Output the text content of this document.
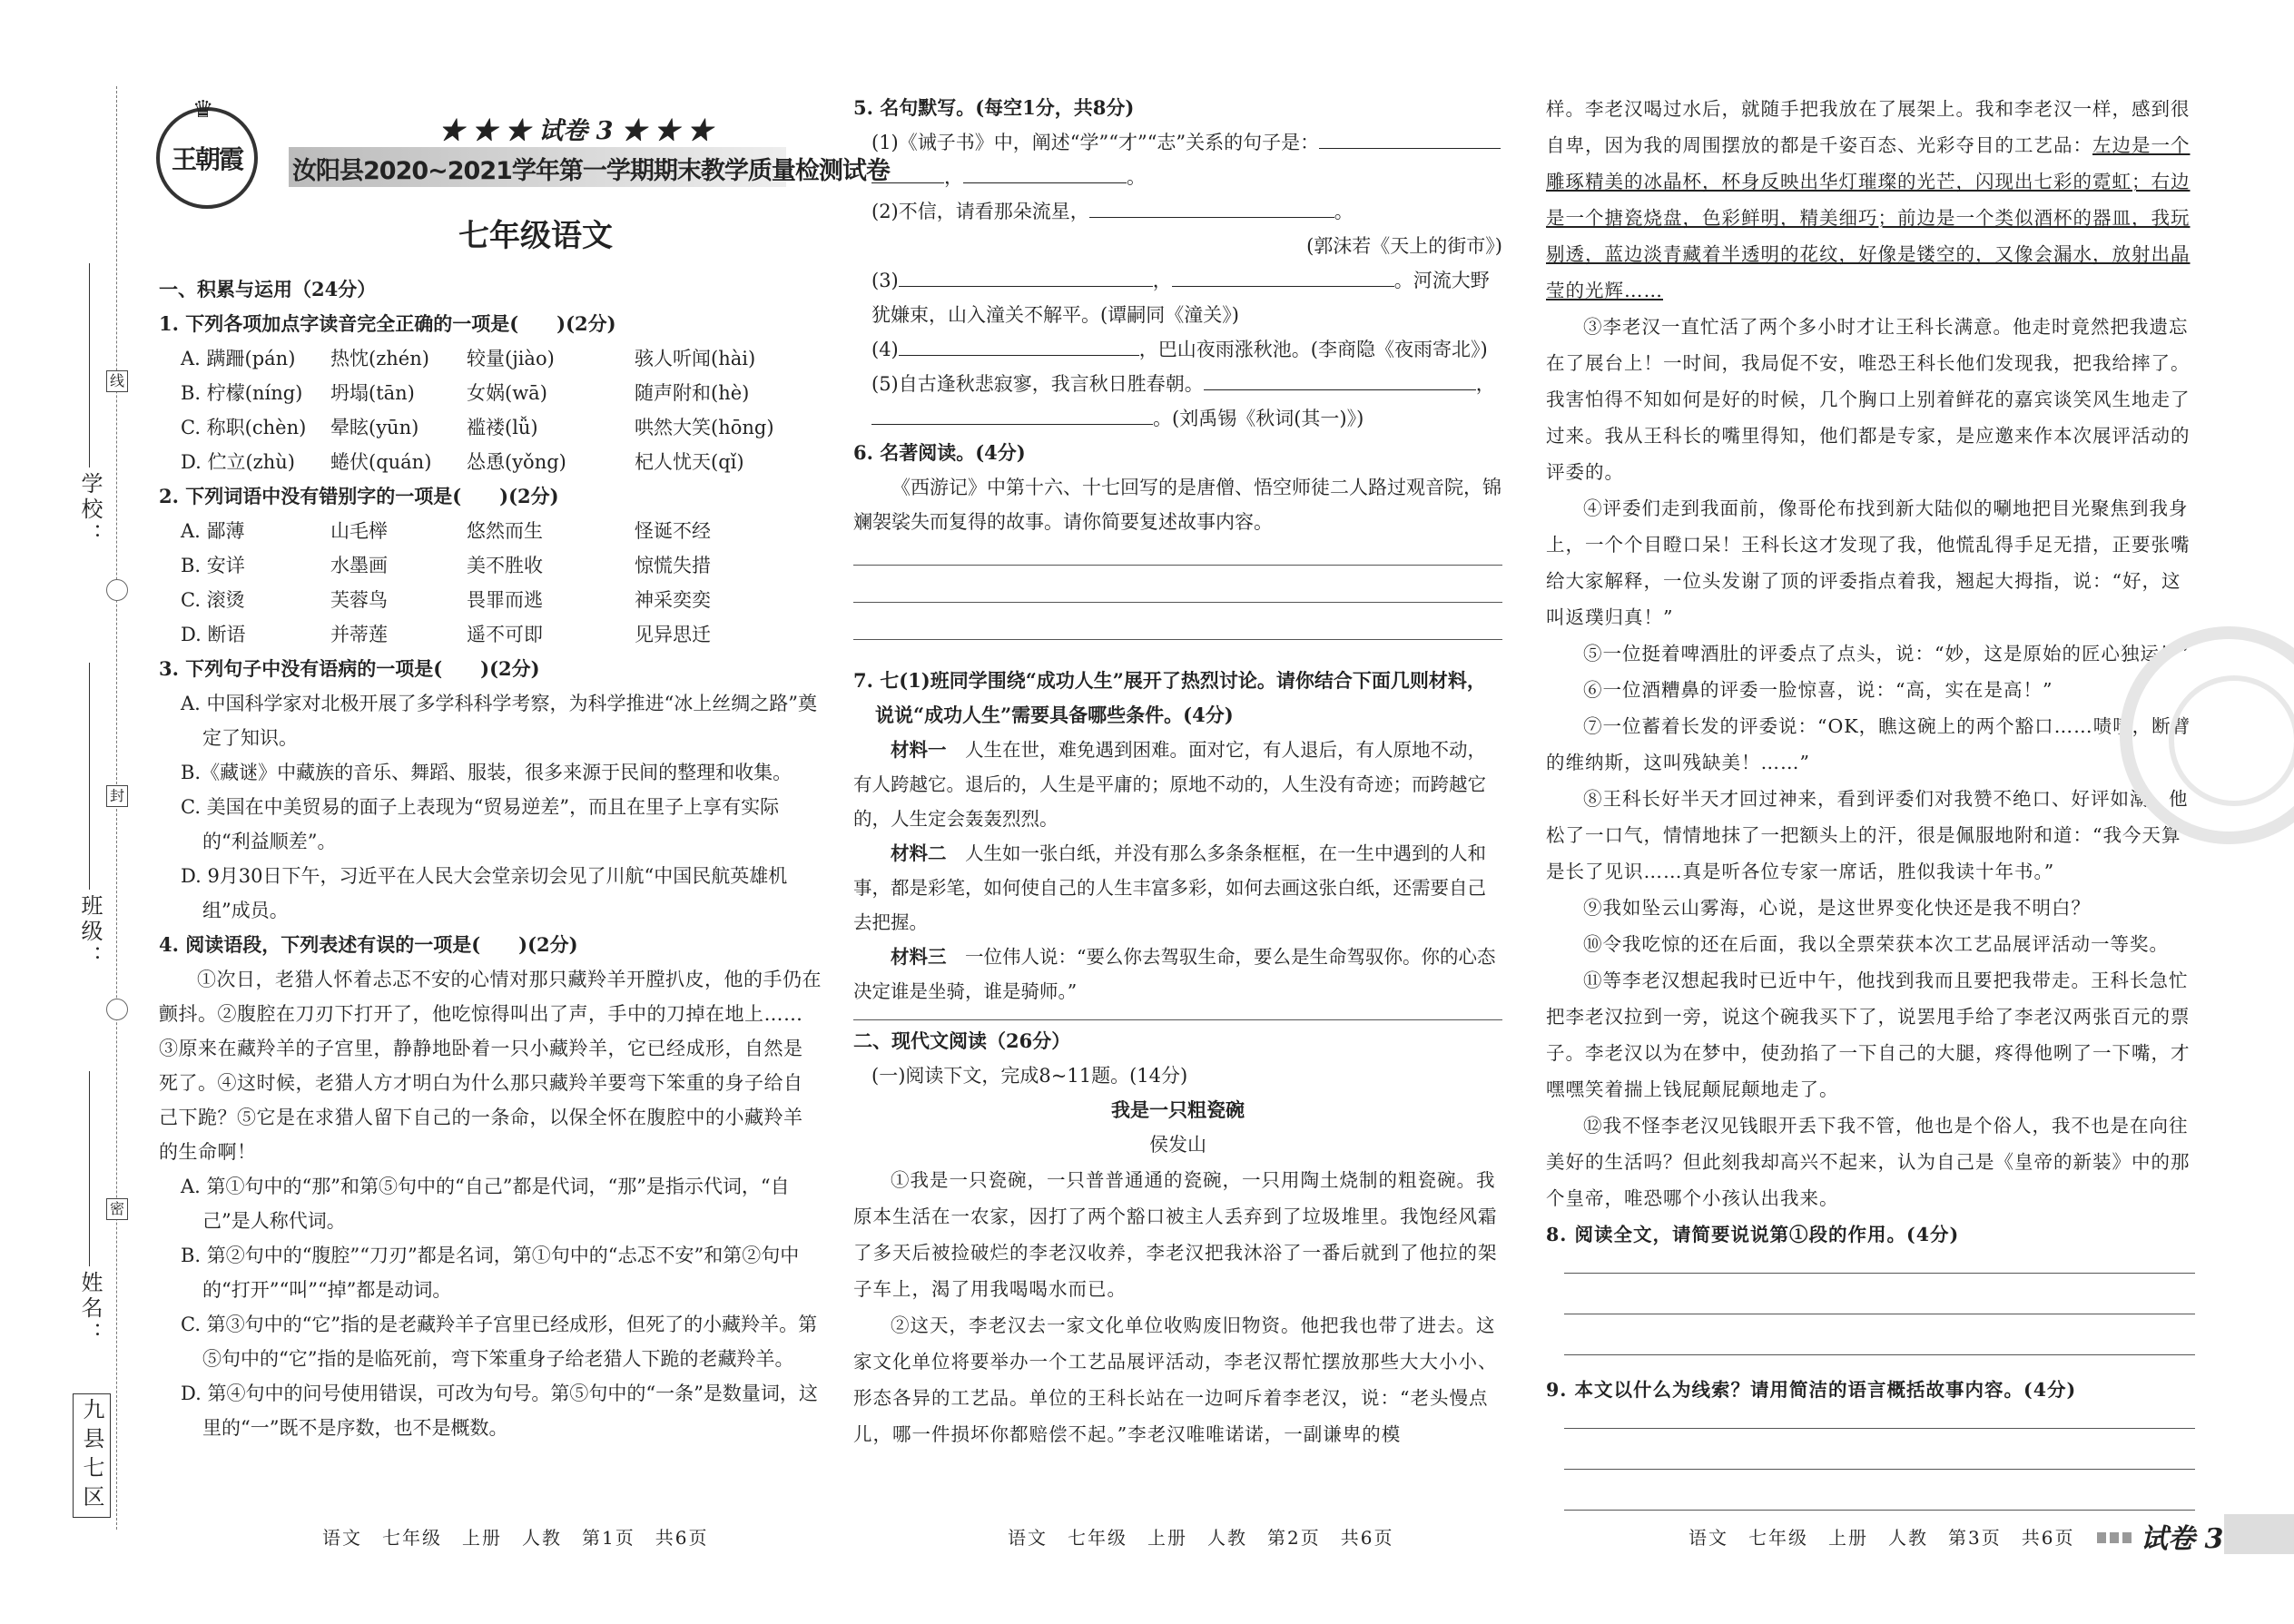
学校：
班级：
姓名：
线
封
密
九县七区
♛
王朝霞
★ ★ ★ 试卷 3 ★ ★ ★
汝阳县2020~2021学年第一学期期末教学质量检测试卷
七年级语文

一、积累与运用（24分）

1. 下列各项加点字读音完全正确的一项是(　　)(2分)

A. 蹒跚(pán)	热忱(zhén)	较量(jiào)	骇人听闻(hài)
B. 柠檬(níng)	坍塌(tān)	女娲(wā)	随声附和(hè)
C. 称职(chèn)	晕眩(yūn)	褴褛(lǚ)	哄然大笑(hōng)
D. 伫立(zhù)	蜷伏(quán)	怂恿(yǒng)	杞人忧天(qǐ)

2. 下列词语中没有错别字的一项是(　　)(2分)

A. 鄙薄	山毛榉	悠然而生	怪诞不经
B. 安详	水墨画	美不胜收	惊慌失措
C. 滚烫	芙蓉鸟	畏罪而逃	神采奕奕
D. 断语	并蒂莲	遥不可即	见异思迁

3. 下列句子中没有语病的一项是(　　)(2分)

A. 中国科学家对北极开展了多学科科学考察，为科学推进“冰上丝绸之路”奠定了知识。

B.《藏谜》中藏族的音乐、舞蹈、服装，很多来源于民间的整理和收集。

C. 美国在中美贸易的面子上表现为“贸易逆差”，而且在里子上享有实际的“利益顺差”。

D. 9月30日下午，习近平在人民大会堂亲切会见了川航“中国民航英雄机组”成员。

4. 阅读语段，下列表述有误的一项是(　　)(2分)

①次日，老猎人怀着忐忑不安的心情对那只藏羚羊开膛扒皮，他的手仍在颤抖。②腹腔在刀刃下打开了，他吃惊得叫出了声，手中的刀掉在地上……③原来在藏羚羊的子宫里，静静地卧着一只小藏羚羊，它已经成形，自然是死了。④这时候，老猎人方才明白为什么那只藏羚羊要弯下笨重的身子给自己下跪？⑤它是在求猎人留下自己的一条命，以保全怀在腹腔中的小藏羚羊的生命啊！

A. 第①句中的“那”和第⑤句中的“自己”都是代词，“那”是指示代词，“自己”是人称代词。

B. 第②句中的“腹腔”“刀刃”都是名词，第①句中的“忐忑不安”和第②句中的“打开”“叫”“掉”都是动词。

C. 第③句中的“它”指的是老藏羚羊子宫里已经成形，但死了的小藏羚羊。第⑤句中的“它”指的是临死前，弯下笨重身子给老猎人下跪的老藏羚羊。

D. 第④句中的问号使用错误，可改为句号。第⑤句中的“一条”是数量词，这里的“一”既不是序数，也不是概数。

语文　七年级　上册　人教　第1页　共6页

5. 名句默写。(每空1分，共8分)

(1)《诫子书》中，阐述“学”“才”“志”关系的句子是：

，	。

(2)不信，请看那朵流星，	。

(郭沫若《天上的街市》)

(3)	，	。河流大野犹嫌束，山入潼关不解平。(谭嗣同《潼关》)

(4)	，巴山夜雨涨秋池。(李商隐《夜雨寄北》)

(5)自古逢秋悲寂寥，我言秋日胜春朝。	，

。(刘禹锡《秋词(其一)》)

6. 名著阅读。(4分)

《西游记》中第十六、十七回写的是唐僧、悟空师徒二人路过观音院，锦斓袈裟失而复得的故事。请你简要复述故事内容。

7. 七(1)班同学围绕“成功人生”展开了热烈讨论。请你结合下面几则材料，说说“成功人生”需要具备哪些条件。(4分)

材料一　 人生在世，难免遇到困难。面对它，有人退后，有人原地不动，有人跨越它。退后的，人生是平庸的；原地不动的，人生没有奇迹；而跨越它的，人生定会轰轰烈烈。

材料二　 人生如一张白纸，并没有那么多条条框框，在一生中遇到的人和事，都是彩笔，如何使自己的人生丰富多彩，如何去画这张白纸，还需要自己去把握。

材料三　 一位伟人说：“要么你去驾驭生命，要么是生命驾驭你。你的心态决定谁是坐骑，谁是骑师。”

二、现代文阅读（26分）

(一)阅读下文，完成8~11题。(14分)

我是一只粗瓷碗

侯发山

①我是一只瓷碗，一只普普通通的瓷碗，一只用陶土烧制的粗瓷碗。我原本生活在一农家，因打了两个豁口被主人丢弃到了垃圾堆里。我饱经风霜了多天后被捡破烂的李老汉收养，李老汉把我沐浴了一番后就到了他拉的架子车上，渴了用我喝喝水而已。

②这天，李老汉去一家文化单位收购废旧物资。他把我也带了进去。这家文化单位将要举办一个工艺品展评活动，李老汉帮忙摆放那些大大小小、形态各异的工艺品。单位的王科长站在一边呵斥着李老汉，说：“老头慢点儿，哪一件损坏你都赔偿不起。”李老汉唯唯诺诺，一副谦卑的模

语文　七年级　上册　人教　第2页　共6页

样。李老汉喝过水后，就随手把我放在了展架上。我和李老汉一样，感到很自卑，因为我的周围摆放的都是千姿百态、光彩夺目的工艺品：左边是一个雕琢精美的冰晶杯，杯身反映出华灯璀璨的光芒，闪现出七彩的霓虹；右边是一个搪瓷烧盘，色彩鲜明，精美细巧；前边是一个类似酒杯的器皿，我玩剔透，蓝边淡青藏着半透明的花纹，好像是镂空的，又像会漏水，放射出晶莹的光辉……

③李老汉一直忙活了两个多小时才让王科长满意。他走时竟然把我遗忘在了展台上！一时间，我局促不安，唯恐王科长他们发现我，把我给摔了。我害怕得不知如何是好的时候，几个胸口上别着鲜花的嘉宾谈笑风生地走了过来。我从王科长的嘴里得知，他们都是专家，是应邀来作本次展评活动的评委的。

④评委们走到我面前，像哥伦布找到新大陆似的唰地把目光聚焦到我身上，一个个目瞪口呆！王科长这才发现了我，他慌乱得手足无措，正要张嘴给大家解释，一位头发谢了顶的评委指点着我，翘起大拇指，说：“好，这叫返璞归真！”

⑤一位挺着啤酒肚的评委点了点头，说：“妙，这是原始的匠心独运！”

⑥一位酒糟鼻的评委一脸惊喜，说：“高，实在是高！”

⑦一位蓄着长发的评委说：“OK，瞧这碗上的两个豁口……啧啧，断臂的维纳斯，这叫残缺美！……”

⑧王科长好半天才回过神来，看到评委们对我赞不绝口、好评如潮，他松了一口气，情情地抹了一把额头上的汗，很是佩服地附和道：“我今天算是长了见识……真是听各位专家一席话，胜似我读十年书。”

⑨我如坠云山雾海，心说，是这世界变化快还是我不明白？

⑩令我吃惊的还在后面，我以全票荣获本次工艺品展评活动一等奖。

⑪等李老汉想起我时已近中午，他找到我而且要把我带走。王科长急忙把李老汉拉到一旁，说这个碗我买下了，说罢甩手给了李老汉两张百元的票子。李老汉以为在梦中，使劲掐了一下自己的大腿，疼得他咧了一下嘴，才嘿嘿笑着揣上钱屁颠屁颠地走了。

⑫我不怪李老汉见钱眼开丢下我不管，他也是个俗人，我不也是在向往美好的生活吗？但此刻我却高兴不起来，认为自己是《皇帝的新装》中的那个皇帝，唯恐哪个小孩认出我来。

8. 阅读全文，请简要说说第①段的作用。(4分)

9. 本文以什么为线索？请用简洁的语言概括故事内容。(4分)

语文　七年级　上册　人教　第3页　共6页 试卷 3
